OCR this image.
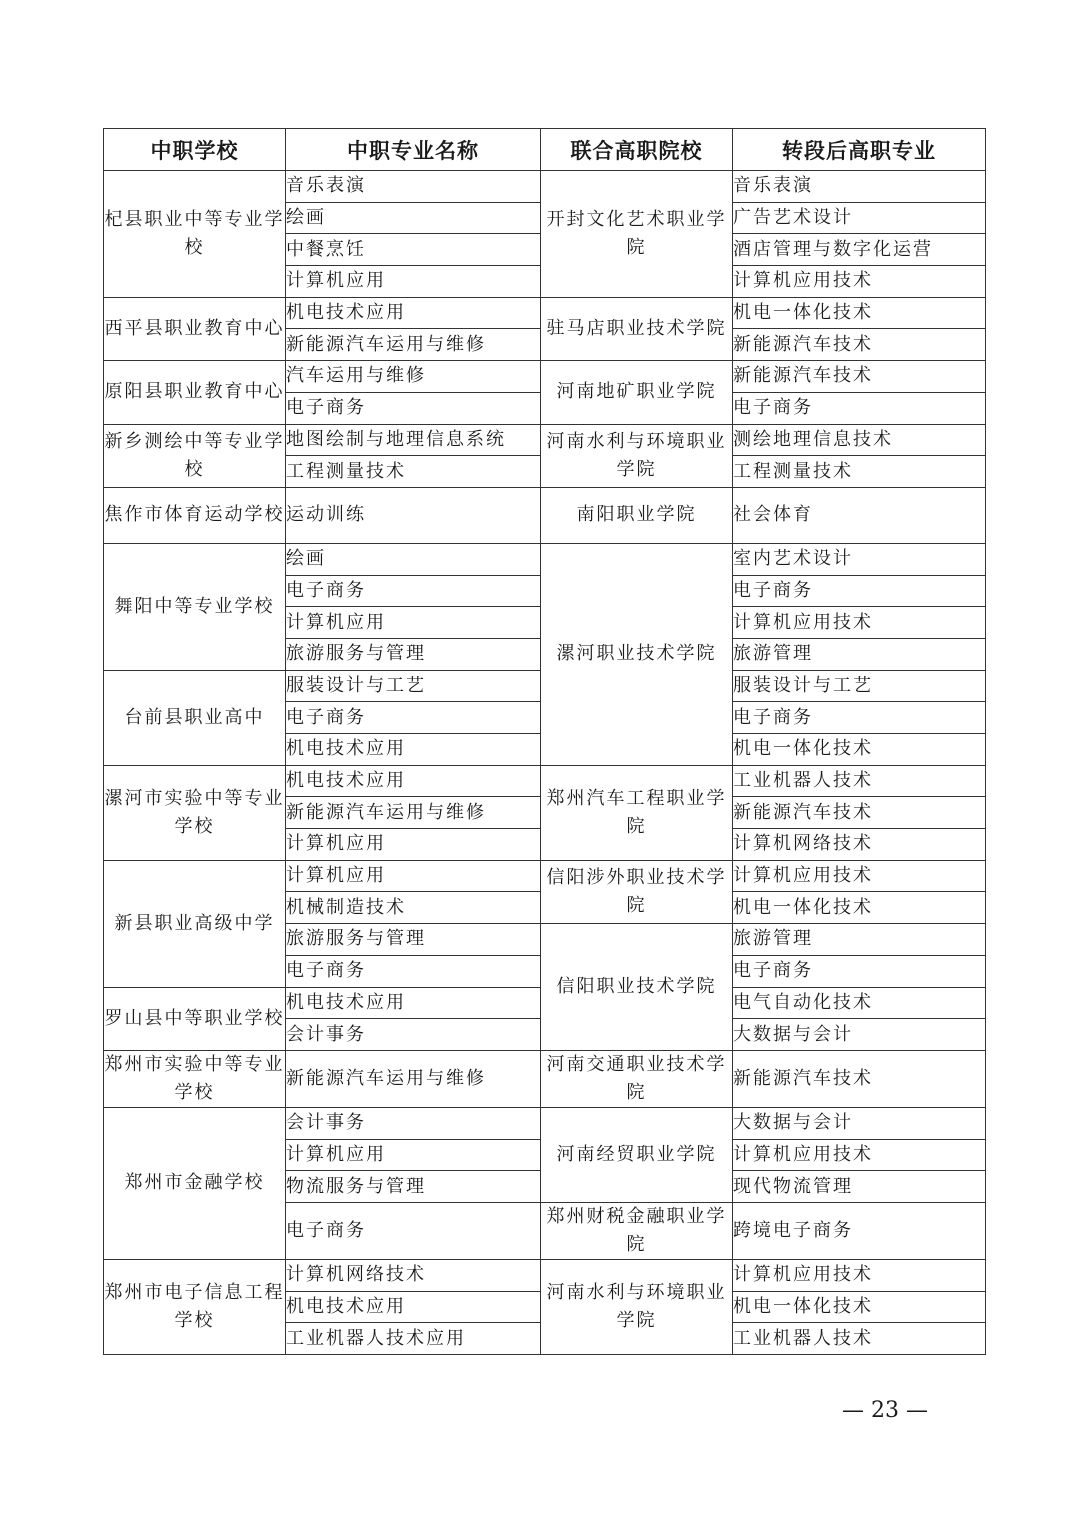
中职学校	中职专业名称	联合高职院校	转段后高职专业
杞县职业中等专业学校	音乐表演	开封文化艺术职业学院	音乐表演
	绘画		广告艺术设计
	中餐烹饪		酒店管理与数字化运营
	计算机应用		计算机应用技术
西平县职业教育中心	机电技术应用	驻马店职业技术学院	机电一体化技术
	新能源汽车运用与维修		新能源汽车技术
原阳县职业教育中心	汽车运用与维修	河南地矿职业学院	新能源汽车技术
	电子商务		电子商务
新乡测绘中等专业学校	地图绘制与地理信息系统	河南水利与环境职业学院	测绘地理信息技术
	工程测量技术		工程测量技术
焦作市体育运动学校	运动训练	南阳职业学院	社会体育
舞阳中等专业学校	绘画	漯河职业技术学院	室内艺术设计
	电子商务		电子商务
	计算机应用		计算机应用技术
	旅游服务与管理		旅游管理
台前县职业高中	服装设计与工艺		服装设计与工艺
	电子商务		电子商务
	机电技术应用		机电一体化技术
漯河市实验中等专业学校	机电技术应用	郑州汽车工程职业学院	工业机器人技术
	新能源汽车运用与维修		新能源汽车技术
	计算机应用		计算机网络技术
新县职业高级中学	计算机应用	信阳涉外职业技术学院	计算机应用技术
	机械制造技术		机电一体化技术
	旅游服务与管理	信阳职业技术学院	旅游管理
	电子商务		电子商务
罗山县中等职业学校	机电技术应用		电气自动化技术
	会计事务		大数据与会计
郑州市实验中等专业学校	新能源汽车运用与维修	河南交通职业技术学院	新能源汽车技术
郑州市金融学校	会计事务	河南经贸职业学院	大数据与会计
	计算机应用		计算机应用技术
	物流服务与管理		现代物流管理
	电子商务	郑州财税金融职业学院	跨境电子商务
郑州市电子信息工程学校	计算机网络技术	河南水利与环境职业学院	计算机应用技术
	机电技术应用		机电一体化技术
	工业机器人技术应用		工业机器人技术
— 23 —
